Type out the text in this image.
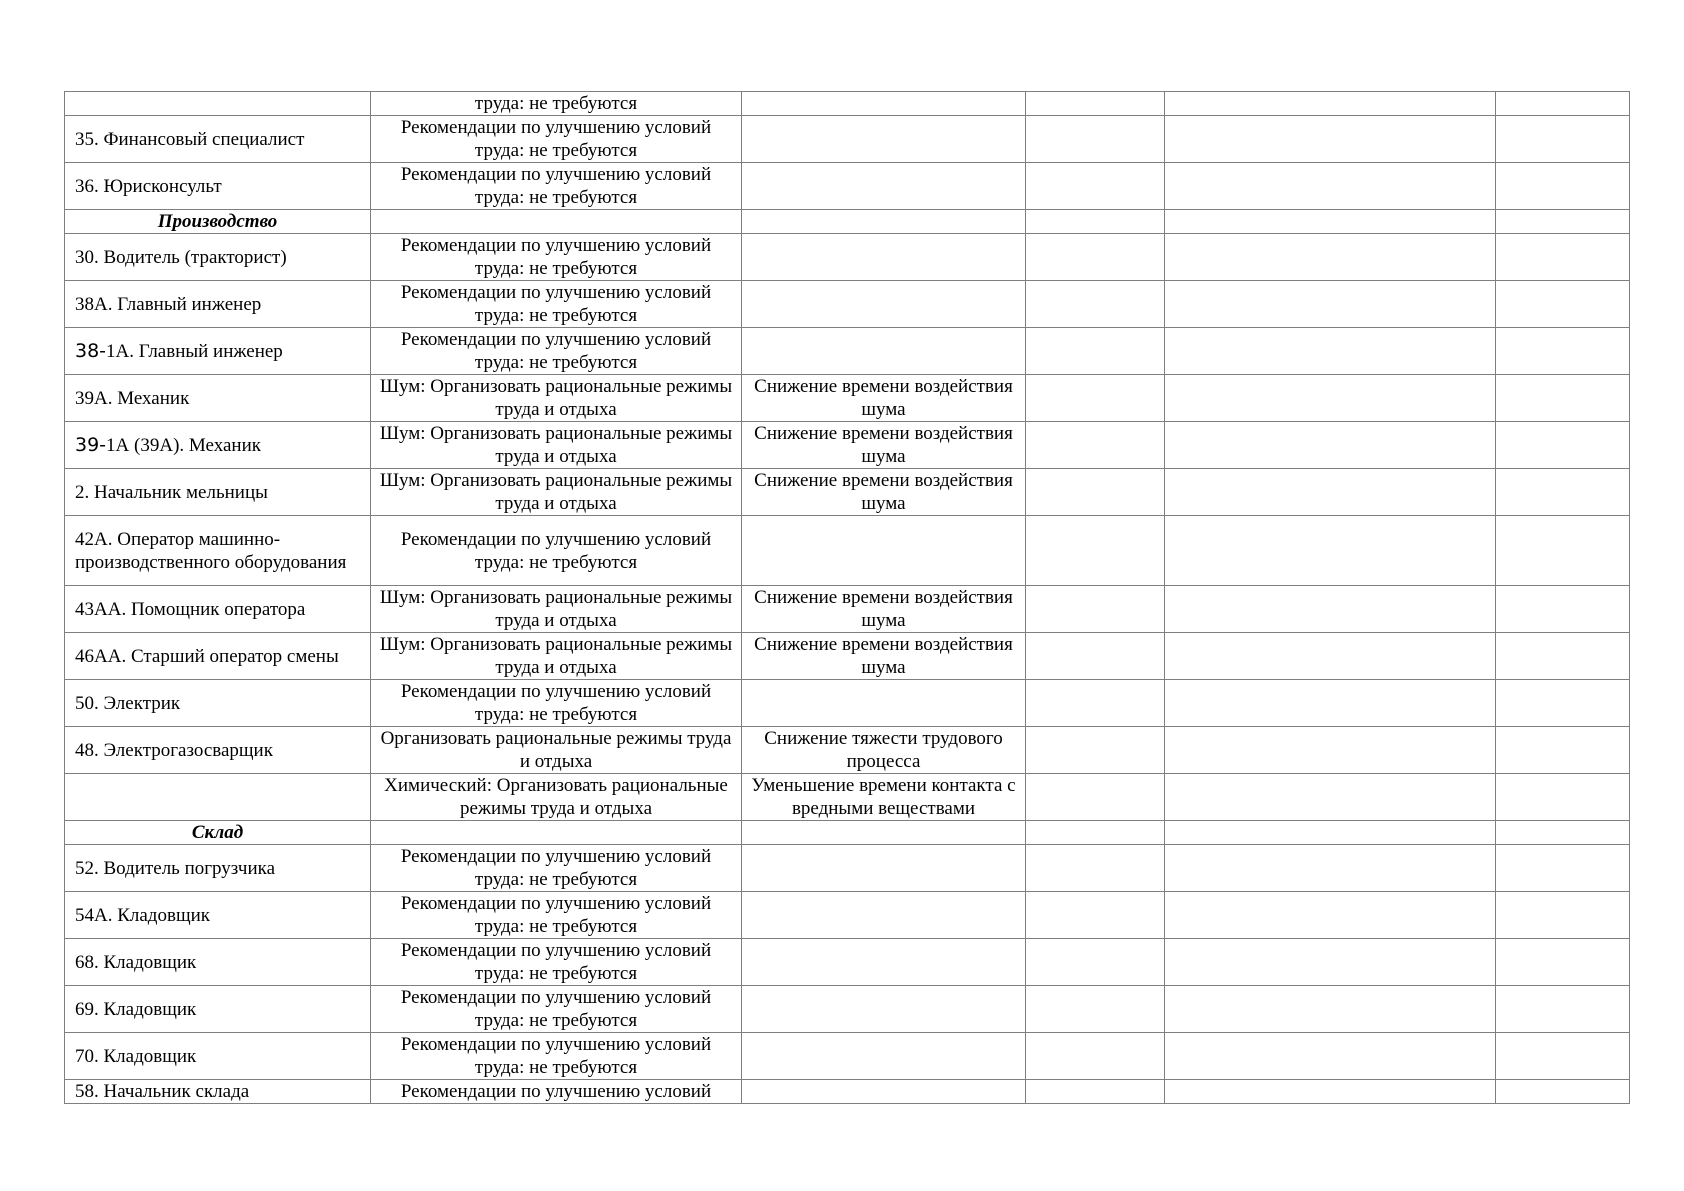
	труда: не требуются				
35. Финансовый специалист	Рекомендации по улучшению условий труда: не требуются				
36. Юрисконсульт	Рекомендации по улучшению условий труда: не требуются				
Производство					
30. Водитель (тракторист)	Рекомендации по улучшению условий труда: не требуются				
38А. Главный инженер	Рекомендации по улучшению условий труда: не требуются				
38-1А. Главный инженер	Рекомендации по улучшению условий труда: не требуются				
39А. Механик	Шум: Организовать рациональные режимы труда и отдыха	Снижение времени воздействия шума			
39-1А (39А). Механик	Шум: Организовать рациональные режимы труда и отдыха	Снижение времени воздействия шума			
2. Начальник мельницы	Шум: Организовать рациональные режимы труда и отдыха	Снижение времени воздействия шума			
42А. Оператор машинно-производственного оборудования	Рекомендации по улучшению условий труда: не требуются				
43АА. Помощник оператора	Шум: Организовать рациональные режимы труда и отдыха	Снижение времени воздействия шума			
46АА. Старший оператор смены	Шум: Организовать рациональные режимы труда и отдыха	Снижение времени воздействия шума			
50. Электрик	Рекомендации по улучшению условий труда: не требуются				
48. Электрогазосварщик	Организовать рациональные режимы труда и отдыха	Снижение тяжести трудового процесса			
	Химический: Организовать рациональные режимы труда и отдыха	Уменьшение времени контакта с вредными веществами			
Склад					
52. Водитель погрузчика	Рекомендации по улучшению условий труда: не требуются				
54А. Кладовщик	Рекомендации по улучшению условий труда: не требуются				
68. Кладовщик	Рекомендации по улучшению условий труда: не требуются				
69. Кладовщик	Рекомендации по улучшению условий труда: не требуются				
70. Кладовщик	Рекомендации по улучшению условий труда: не требуются				
58. Начальник склада	Рекомендации по улучшению условий				
